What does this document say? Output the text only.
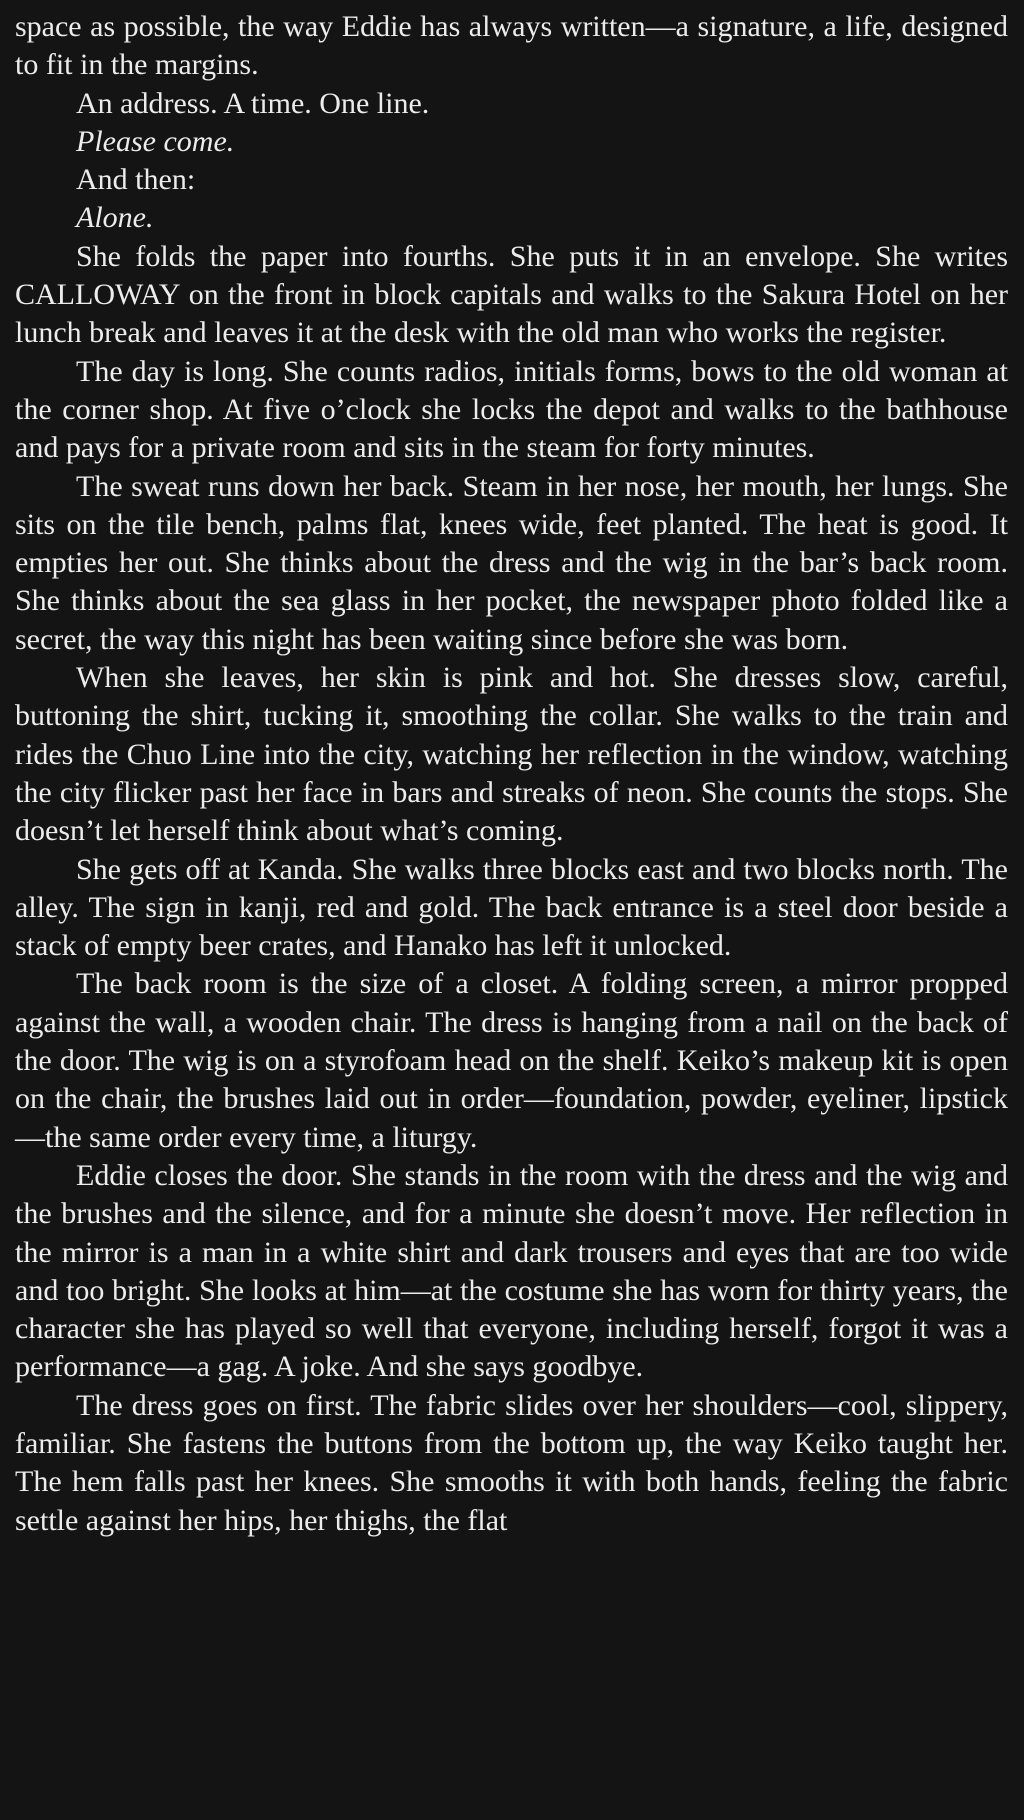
space as possible, the way Eddie has always written—a signature, a life, designed to fit in the margins.

An address. A time. One line.

Please come.

And then:

Alone.

She folds the paper into fourths. She puts it in an envelope. She writes CALLOWAY on the front in block capitals and walks to the Sakura Hotel on her lunch break and leaves it at the desk with the old man who works the register.

The day is long. She counts radios, initials forms, bows to the old woman at the corner shop. At five o’clock she locks the depot and walks to the bathhouse and pays for a private room and sits in the steam for forty minutes.

The sweat runs down her back. Steam in her nose, her mouth, her lungs. She sits on the tile bench, palms flat, knees wide, feet planted. The heat is good. It empties her out. She thinks about the dress and the wig in the bar’s back room. She thinks about the sea glass in her pocket, the newspaper photo folded like a secret, the way this night has been waiting since before she was born.

When she leaves, her skin is pink and hot. She dresses slow, careful, buttoning the shirt, tucking it, smoothing the collar. She walks to the train and rides the Chuo Line into the city, watching her reflection in the window, watching the city flicker past her face in bars and streaks of neon. She counts the stops. She doesn’t let herself think about what’s coming.

She gets off at Kanda. She walks three blocks east and two blocks north. The alley. The sign in kanji, red and gold. The back entrance is a steel door beside a stack of empty beer crates, and Hanako has left it unlocked.

The back room is the size of a closet. A folding screen, a mirror propped against the wall, a wooden chair. The dress is hanging from a nail on the back of the door. The wig is on a styrofoam head on the shelf. Keiko’s makeup kit is open on the chair, the brushes laid out in order—foundation, powder, eyeliner, lipstick—the same order every time, a liturgy.

Eddie closes the door. She stands in the room with the dress and the wig and the brushes and the silence, and for a minute she doesn’t move. Her reflection in the mirror is a man in a white shirt and dark trousers and eyes that are too wide and too bright. She looks at him—at the costume she has worn for thirty years, the character she has played so well that everyone, including herself, forgot it was a performance—a gag. A joke. And she says goodbye.

The dress goes on first. The fabric slides over her shoulders—cool, slippery, familiar. She fastens the buttons from the bottom up, the way Keiko taught her. The hem falls past her knees. She smooths it with both hands, feeling the fabric settle against her hips, her thighs, the flat
